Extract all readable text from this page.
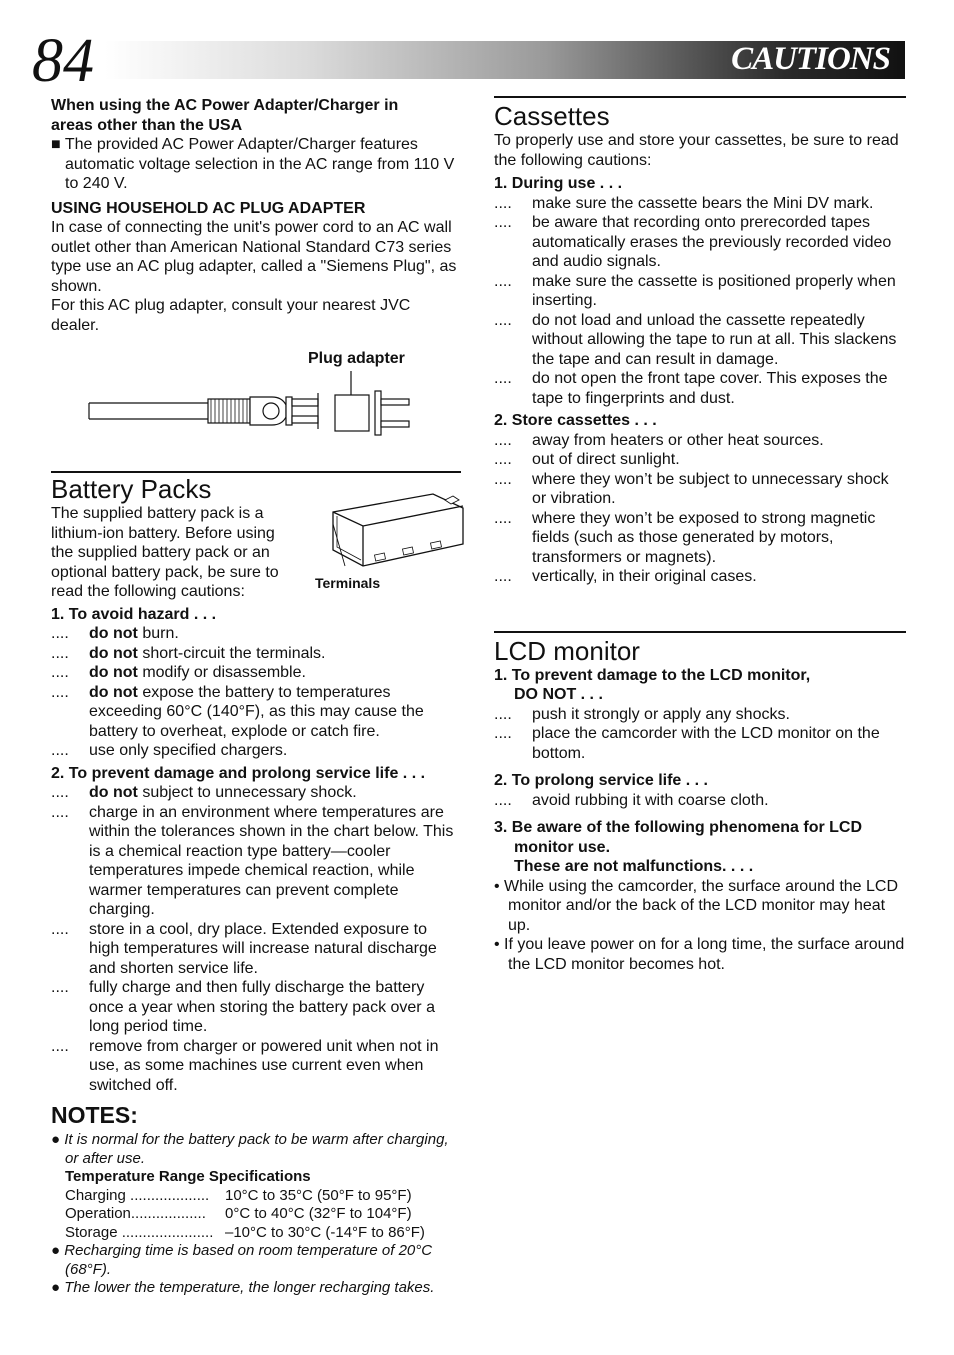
84	CAUTIONS
When using the AC Power Adapter/Charger in
areas other than the USA

■ The provided AC Power Adapter/Charger features automatic voltage selection in the AC range from 110 V to 240 V.

USING HOUSEHOLD AC PLUG ADAPTER

In case of connecting the unit's power cord to an AC wall outlet other than American National Standard C73 series type use an AC plug adapter, called a "Siemens Plug", as shown.

For this AC plug adapter, consult your nearest JVC dealer.

Plug adapter
Battery Packs

The supplied battery pack is a lithium-ion battery. Before using the supplied battery pack or an optional battery pack, be sure to read the following cautions:	Terminals
1. To avoid hazard . . .

.... do not burn.

.... do not short-circuit the terminals.

.... do not modify or disassemble.

.... do not expose the battery to temperatures exceeding 60°C (140°F), as this may cause the battery to overheat, explode or catch fire.

.... use only specified chargers.

2. To prevent damage and prolong service life . . .

.... do not subject to unnecessary shock.

.... charge in an environment where temperatures are within the tolerances shown in the chart below. This is a chemical reaction type battery—cooler temperatures impede chemical reaction, while warmer temperatures can prevent complete charging.

.... store in a cool, dry place. Extended exposure to high temperatures will increase natural discharge and shorten service life.

.... fully charge and then fully discharge the battery once a year when storing the battery pack over a long period time.

.... remove from charger or powered unit when not in use, as some machines use current even when switched off.

NOTES:

● It is normal for the battery pack to be warm after charging, or after use.

Temperature Range Specifications
Charging ...................	10°C to 35°C (50°F to 95°F)
Operation..................	0°C to 40°C (32°F to 104°F)
Storage ...................... –10°C to 30°C (-14°F to 86°F)

● Recharging time is based on room temperature of 20°C (68°F).

● The lower the temperature, the longer recharging takes.

Cassettes

To properly use and store your cassettes, be sure to read the following cautions:

1. During use . . .

.... make sure the cassette bears the Mini DV mark.

.... be aware that recording onto prerecorded tapes automatically erases the previously recorded video and audio signals.

.... make sure the cassette is positioned properly when inserting.

.... do not load and unload the cassette repeatedly without allowing the tape to run at all. This slackens the tape and can result in damage.

.... do not open the front tape cover. This exposes the tape to fingerprints and dust.

2. Store cassettes . . .

.... away from heaters or other heat sources.

.... out of direct sunlight.

.... where they won’t be subject to unnecessary shock or vibration.

.... where they won’t be exposed to strong magnetic fields (such as those generated by motors, transformers or magnets).

.... vertically, in their original cases.

LCD monitor
1. To prevent damage to the LCD monitor,
DO NOT . . .

.... push it strongly or apply any shocks.

.... place the camcorder with the LCD monitor on the bottom.

2. To prolong service life . . .

.... avoid rubbing it with coarse cloth.

3. Be aware of the following phenomena for LCD
monitor use.
These are not malfunctions. . . .

• While using the camcorder, the surface around the LCD monitor and/or the back of the LCD monitor may heat up.

• If you leave power on for a long time, the surface around the LCD monitor becomes hot.
